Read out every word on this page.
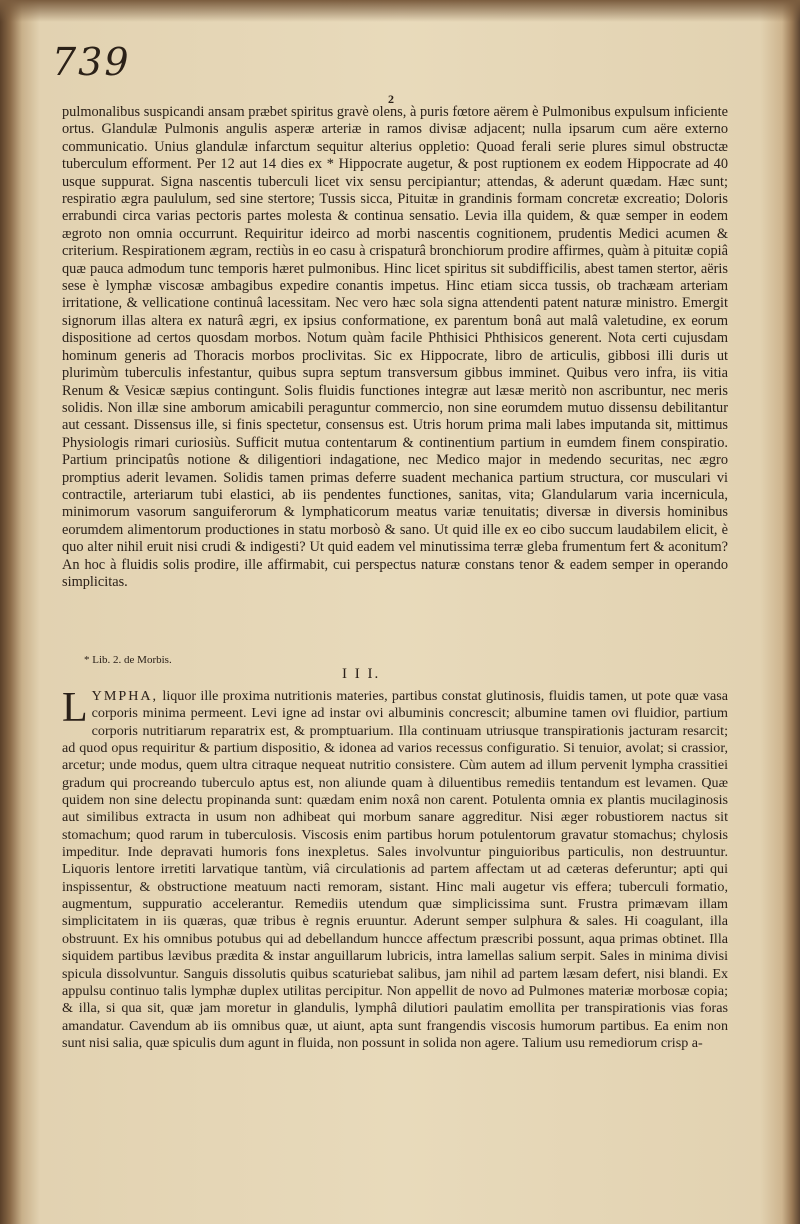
739
2
pulmonalibus suspicandi ansam præbet spiritus gravè olens, à puris fœtore aërem è Pulmonibus expulsum inficiente ortus. Glandulæ Pulmonis angulis asperæ arteriæ in ramos divisæ adjacent; nulla ipsarum cum aëre externo communicatio. Unius glandulæ infarctum sequitur alterius oppletio: Quoad ferali serie plures simul obstructæ tuberculum efforment. Per 12 aut 14 dies ex * Hippocrate augetur, & post ruptionem ex eodem Hippocrate ad 40 usque suppurat. Signa nascentis tuberculi licet vix sensu percipiantur; attendas, & aderunt quædam. Hæc sunt; respiratio ægra paululum, sed sine stertore; Tussis sicca, Pituitæ in grandinis formam concretæ excreatio; Doloris errabundi circa varias pectoris partes molesta & continua sensatio. Levia illa quidem, & quæ semper in eodem ægroto non omnia occurrunt. Requiritur ideirco ad morbi nascentis cognitionem, prudentis Medici acumen & criterium. Respirationem ægram, rectiùs in eo casu à crispaturâ bronchiorum prodire affirmes, quàm à pituitæ copiâ quæ pauca admodum tunc temporis hæret pulmonibus. Hinc licet spiritus sit subdifficilis, abest tamen stertor, aëris sese è lymphæ viscosæ ambagibus expedire conantis impetus. Hinc etiam sicca tussis, ob trachæam arteriam irritatione, & vellicatione continuâ lacessitam. Nec vero hæc sola signa attendenti patent naturæ ministro. Emergit signorum illas altera ex naturâ ægri, ex ipsius conformatione, ex parentum bonâ aut malâ valetudine, ex eorum dispositione ad certos quosdam morbos. Notum quàm facile Phthisici Phthisicos generent. Nota certi cujusdam hominum generis ad Thoracis morbos proclivitas. Sic ex Hippocrate, libro de articulis, gibbosi illi duris ut plurimùm tuberculis infestantur, quibus supra septum transversum gibbus imminet. Quibus vero infra, iis vitia Renum & Vesicæ sæpius contingunt. Solis fluidis functiones integræ aut læsæ meritò non ascribuntur, nec meris solidis. Non illæ sine amborum amicabili peraguntur commercio, non sine eorumdem mutuo dissensu debilitantur aut cessant. Dissensus ille, si finis spectetur, consensus est. Utris horum prima mali labes imputanda sit, mittimus Physiologis rimari curiosiùs. Sufficit mutua contentarum & continentium partium in eumdem finem conspiratio. Partium principatûs notione & diligentiori indagatione, nec Medico major in medendo securitas, nec ægro promptius aderit levamen. Solidis tamen primas deferre suadent mechanica partium structura, cor musculari vi contractile, arteriarum tubi elastici, ab iis pendentes functiones, sanitas, vita; Glandularum varia incernicula, minimorum vasorum sanguiferorum & lymphaticorum meatus variæ tenuitatis; diversæ in diversis hominibus eorumdem alimentorum productiones in statu morbosò & sano. Ut quid ille ex eo cibo succum laudabilem elicit, è quo alter nihil eruit nisi crudi & indigesti? Ut quid eadem vel minutissima terræ gleba frumentum fert & aconitum? An hoc à fluidis solis prodire, ille affirmabit, cui perspectus naturæ constans tenor & eadem semper in operando simplicitas.
* Lib. 2. de Morbis.
I I I.
LYMPHA, liquor ille proxima nutritionis materies, partibus constat glutinosis, fluidis tamen, ut pote quæ vasa corporis minima permeent. Levi igne ad instar ovi albuminis concrescit; albumine tamen ovi fluidior, partium corporis nutritiarum reparatrix est, & promptuarium. Illa continuam utriusque transpirationis jacturam resarcit; ad quod opus requiritur & partium dispositio, & idonea ad varios recessus configuratio. Si tenuior, avolat; si crassior, arcetur; unde modus, quem ultra citraque nequeat nutritio consistere. Cùm autem ad illum pervenit lympha crassitiei gradum qui procreando tuberculo aptus est, non aliunde quam à diluentibus remediis tentandum est levamen. Quæ quidem non sine delectu propinanda sunt: quædam enim noxâ non carent. Potulenta omnia ex plantis mucilaginosis aut similibus extracta in usum non adhibeat qui morbum sanare aggreditur. Nisi æger robustiorem nactus sit stomachum; quod rarum in tuberculosis. Viscosis enim partibus horum potulentorum gravatur stomachus; chylosis impeditur. Inde depravati humoris fons inexpletus. Sales involvuntur pinguioribus particulis, non destruuntur. Liquoris lentore irretiti larvatique tantùm, viâ circulationis ad partem affectam ut ad cæteras deferuntur; apti qui inspissentur, & obstructione meatuum nacti remoram, sistant. Hinc mali augetur vis effera; tuberculi formatio, augmentum, suppuratio accelerantur. Remediis utendum quæ simplicissima sunt. Frustra primævam illam simplicitatem in iis quæras, quæ tribus è regnis eruuntur. Aderunt semper sulphura & sales. Hi coagulant, illa obstruunt. Ex his omnibus potubus qui ad debellandum huncce affectum præscribi possunt, aqua primas obtinet. Illa siquidem partibus lævibus prædita & instar anguillarum lubricis, intra lamellas salium serpit. Sales in minima divisi spicula dissolvuntur. Sanguis dissolutis quibus scaturiebat salibus, jam nihil ad partem læsam defert, nisi blandi. Ex appulsu continuo talis lymphæ duplex utilitas percipitur. Non appellit de novo ad Pulmones materiæ morbosæ copia; & illa, si qua sit, quæ jam moretur in glandulis, lymphâ dilutiori paulatim emollita per transpirationis vias foras amandatur. Cavendum ab iis omnibus quæ, ut aiunt, apta sunt frangendis viscosis humorum partibus. Ea enim non sunt nisi salia, quæ spiculis dum agunt in fluida, non possunt in solida non agere. Talium usu remediorum crisp a-
